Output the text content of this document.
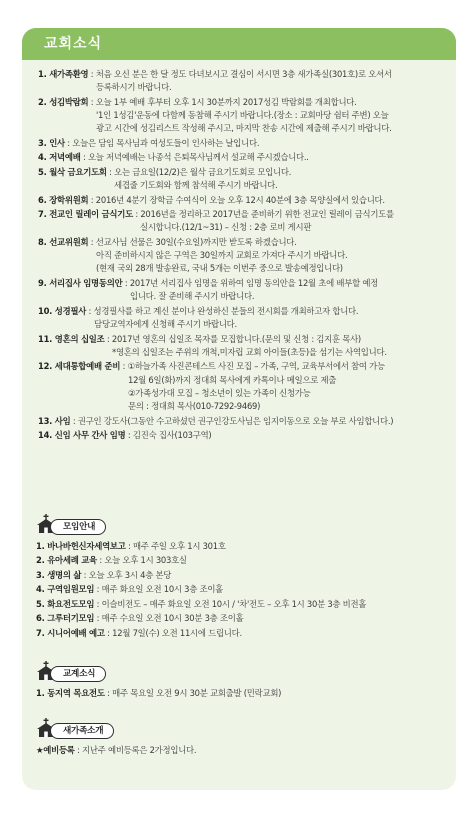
교회소식
1. 새가족환영 : 처음 오신 분은 한 달 정도 다녀보시고 결심이 서시면 3층 새가족실(301호)로 오셔서
등록하시기 바랍니다.
2. 성김박람회 : 오늘 1부 예배 후부터 오후 1시 30분까지 2017성김 박람회를 개최합니다.
'1인 1성김'운동에 다함께 동참해 주시기 바랍니다.(장소 : 교회마당 쉼터 주변) 오늘
광고 시간에 성김리스트 작성해 주시고, 마지막 찬송 시간에 제출해 주시기 바랍니다.
3. 인사 : 오늘은 담임 목사님과 여성도들이 인사하는 날입니다.
4. 저녁예배 : 오늘 저녁예배는 나종석 은퇴목사님께서 설교해 주시겠습니다..
5. 월삭 금요기도회 : 오는 금요일(12/2)은 월삭 금요기도회로 모입니다.
세겹줄 기도회와 함께 참석해 주시기 바랍니다.
6. 장학위원회 : 2016년 4분기 장학금 수여식이 오늘 오후 12시 40분에 3층 목양실에서 있습니다.
7. 전교인 릴레이 금식기도 : 2016년을 정리하고 2017년을 준비하기 위한 전교인 릴레이 금식기도를
실시합니다.(12/1~31) – 신청 : 2층 로비 게시판
8. 선교위원회 : 선교사님 선물은 30일(수요일)까지만 받도록 하겠습니다.
아직 준비하시지 않은 구역은 30일까지 교회로 가져다 주시기 바랍니다.
(현재 국외 28개 발송완료, 국내 5개는 이번주 중으로 발송예정입니다)
9. 서리집사 임명동의안 : 2017년 서리집사 임명을 위하여 임명 동의안을 12월 초에 배부할 예정
입니다. 잘 준비해 주시기 바랍니다.
10. 성경필사 : 성경필사를 하고 계신 분이나 완성하신 분들의 전시회를 개최하고자 합니다.
담당교역자에게 신청해 주시기 바랍니다.
11. 영혼의 십일조 : 2017년 영혼의 십일조 목자를 모집합니다.(문의 및 신청 : 김지훈 목사)
*영혼의 십일조는 주위의 개척,미자립 교회 아이들(초등)을 섬기는 사역입니다.
12. 세대통합예배 준비 : ①하늘가족 사진콘테스트 사진 모집 – 가족, 구역, 교육부서에서 참여 가능
12월 6일(화)까지 정대희 목사에게 카톡이나 메일으로 제출
②가족성가대 모집 – 청소년이 있는 가족이 신청가능
문의 : 정대희 목사(010-7292-9469)
13. 사임 : 권구인 강도사(그동안 수고하셨던 권구인강도사님은 임지이동으로 오늘 부로 사임합니다.)
14. 신임 사무 간사 임명 : 김진숙 집사(103구역)
모임안내
1. 바나바헌신자세역보고 : 매주 주일 오후 1시 301호
2. 유아세례 교육 : 오늘 오후 1시 303호실
3. 생명의 삶 : 오늘 오후 3시 4층 본당
4. 구역임원모임 : 매주 화요일 오전 10시 3층 조이홀
5. 화요전도모임 : 이슬비전도 – 매주 화요일 오전 10시 / '차'전도 – 오후 1시 30분 3층 비전홀
6. 그루터기모임 : 매주 수요일 오전 10시 30분 3층 조이홀
7. 시니어예배 예고 : 12월 7일(수) 오전 11시에 드립니다.
교계소식
1. 동지역 목요전도 : 매주 목요일 오전 9시 30분 교회출발 (민락교회)
새가족소개
★예비등록 : 지난주 예비등록은 2가정입니다.
